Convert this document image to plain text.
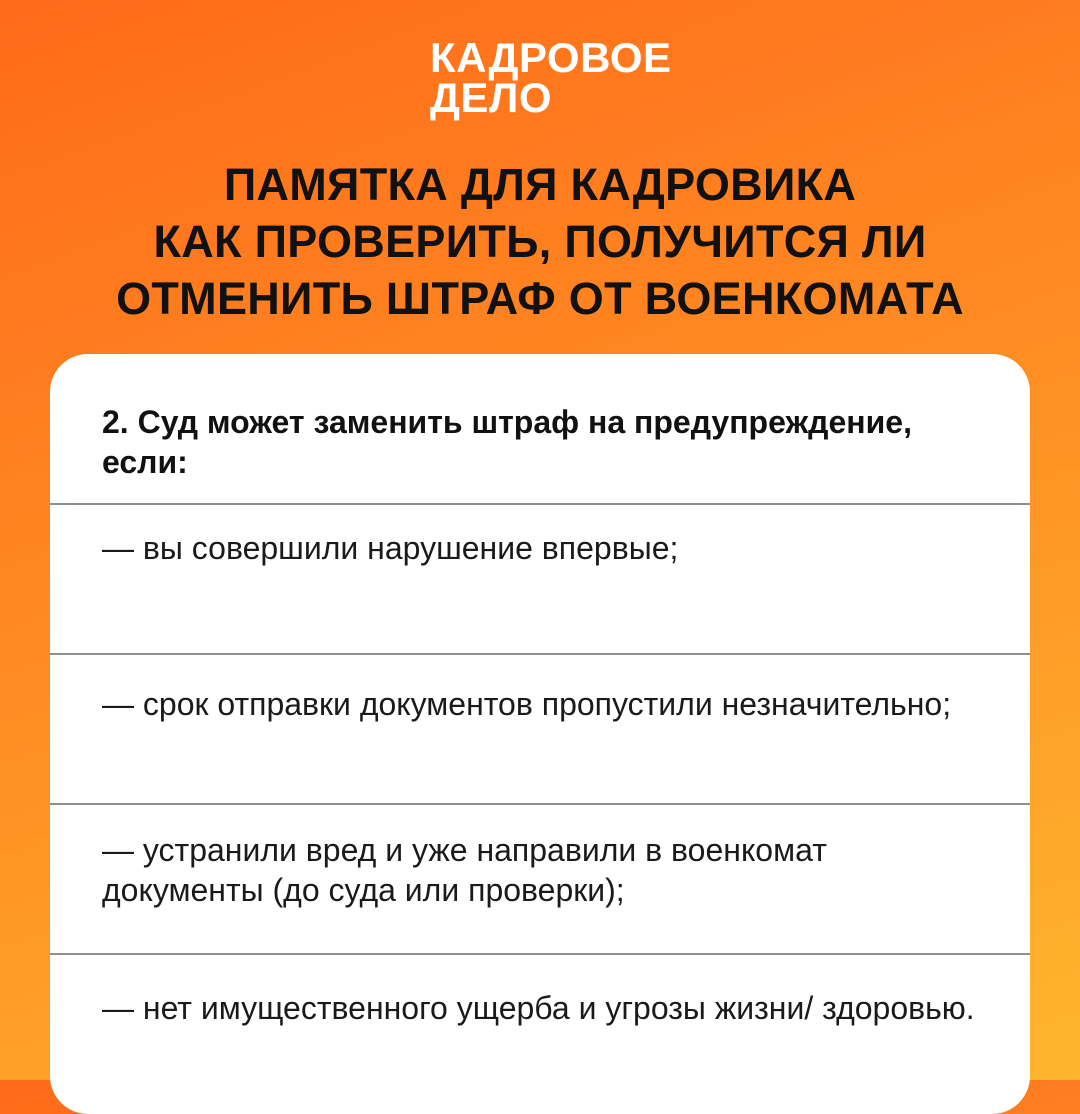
КАДРОВОЕ
ДЕЛО
ПАМЯТКА ДЛЯ КАДРОВИКА
КАК ПРОВЕРИТЬ, ПОЛУЧИТСЯ ЛИ
ОТМЕНИТЬ ШТРАФ ОТ ВОЕНКОМАТА
2. Суд может заменить штраф на предупреждение, если:
— вы совершили нарушение впервые;
— срок отправки документов пропустили незначительно;
— устранили вред и уже направили в военкомат документы (до суда или проверки);
— нет имущественного ущерба и угрозы жизни/ здоровью.
